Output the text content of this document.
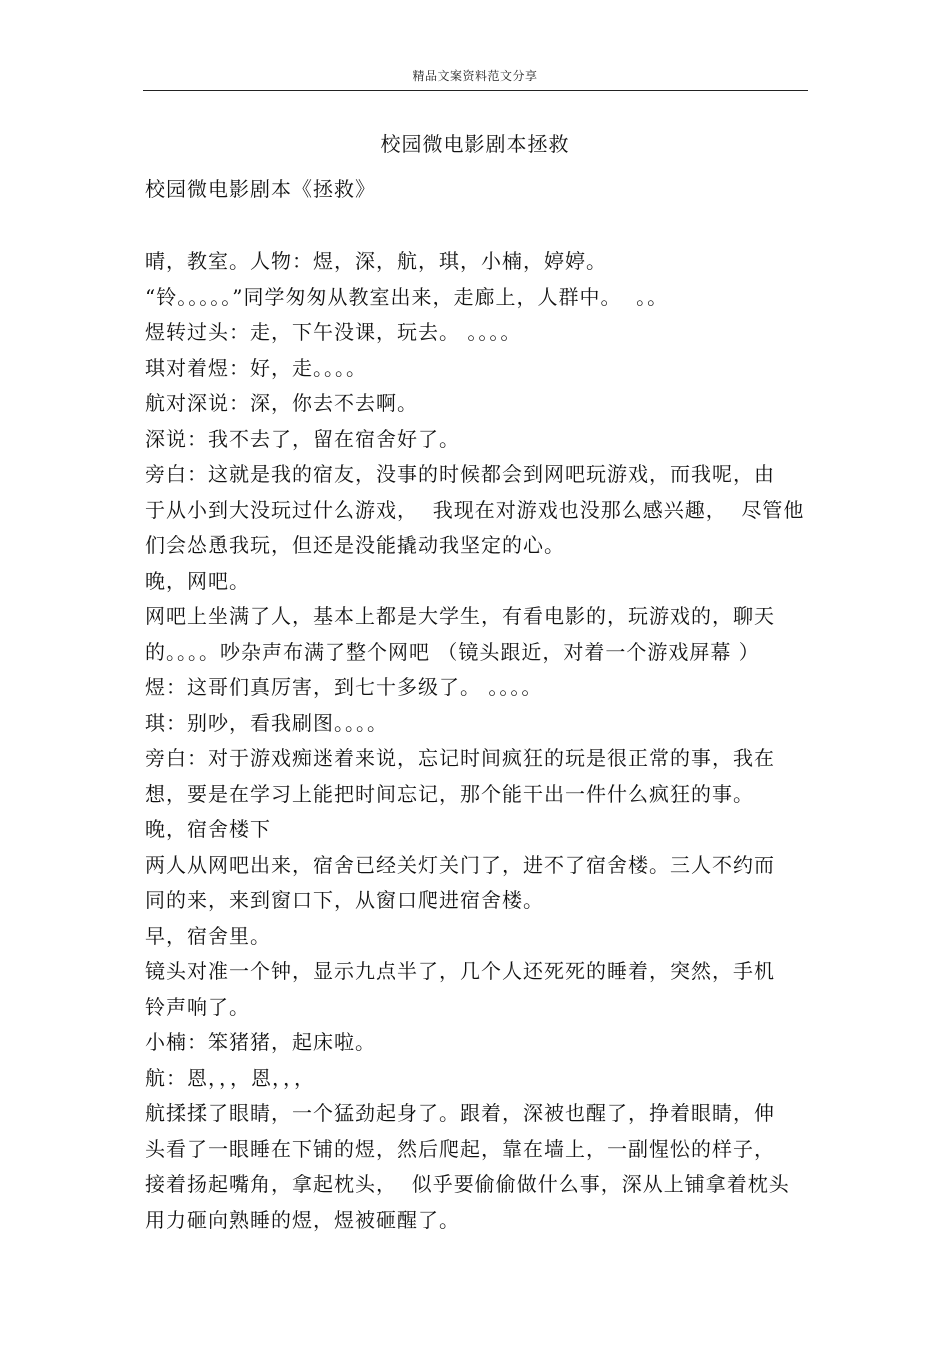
精品文案资料范文分享
校园微电影剧本拯救
校园微电影剧本《拯救》
晴，教室。人物：煜，深，航，琪，小楠，婷婷。
“铃。。。。。”同学匆匆从教室出来，走廊上，人群中。  。。
煜转过头：走，下午没课，玩去。 。。。。
琪对着煜：好，走。。。。
航对深说：深，你去不去啊。
深说：我不去了，留在宿舍好了。
旁白：这就是我的宿友，没事的时候都会到网吧玩游戏，而我呢，由
于从小到大没玩过什么游戏，  我现在对游戏也没那么感兴趣，  尽管他
们会怂恿我玩，但还是没能撬动我坚定的心。
晚，网吧。
网吧上坐满了人，基本上都是大学生，有看电影的，玩游戏的，聊天
的。。。。吵杂声布满了整个网吧 （镜头跟近，对着一个游戏屏幕 ）
煜：这哥们真厉害，到七十多级了。 。。。。
琪：别吵，看我刷图。。。。
旁白：对于游戏痴迷着来说，忘记时间疯狂的玩是很正常的事，我在
想，要是在学习上能把时间忘记，那个能干出一件什么疯狂的事。
晚，宿舍楼下
两人从网吧出来，宿舍已经关灯关门了，进不了宿舍楼。三人不约而
同的来，来到窗口下，从窗口爬进宿舍楼。
早，宿舍里。
镜头对准一个钟，显示九点半了，几个人还死死的睡着，突然，手机
铃声响了。
小楠：笨猪猪，起床啦。
航：恩，，，恩，，，
航揉揉了眼睛，一个猛劲起身了。跟着，深被也醒了，挣着眼睛，伸
头看了一眼睡在下铺的煜，然后爬起，靠在墙上，一副惺忪的样子，
接着扬起嘴角，拿起枕头，  似乎要偷偷做什么事，深从上铺拿着枕头
用力砸向熟睡的煜，煜被砸醒了。
